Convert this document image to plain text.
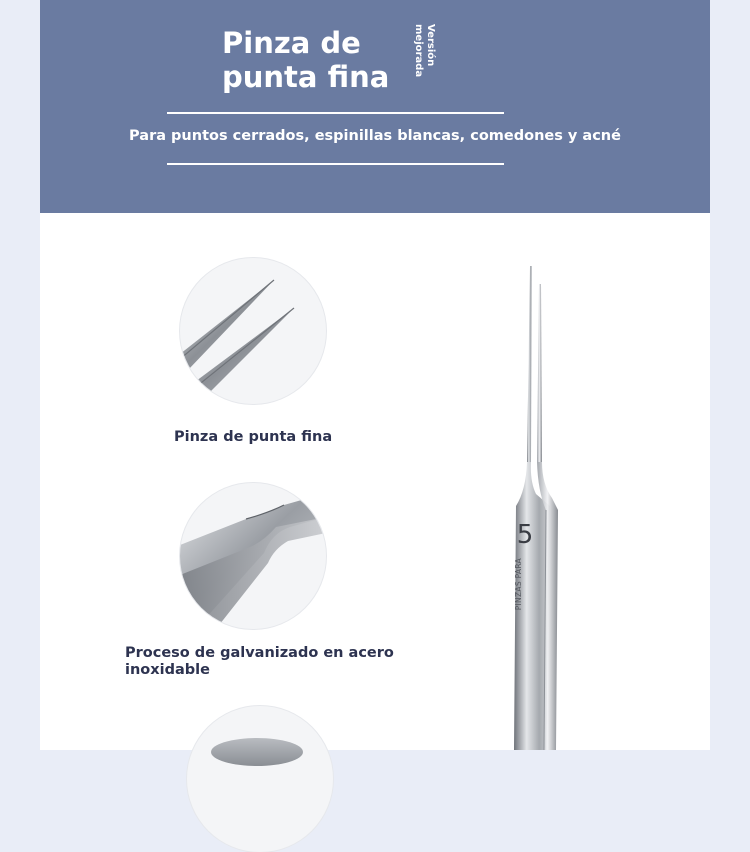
Pinza de
punta fina
Versión mejorada
Para puntos cerrados, espinillas blancas, comedones y acné
Pinza de punta fina
Proceso de galvanizado en acero inoxidable
5
PINZAS PARA
